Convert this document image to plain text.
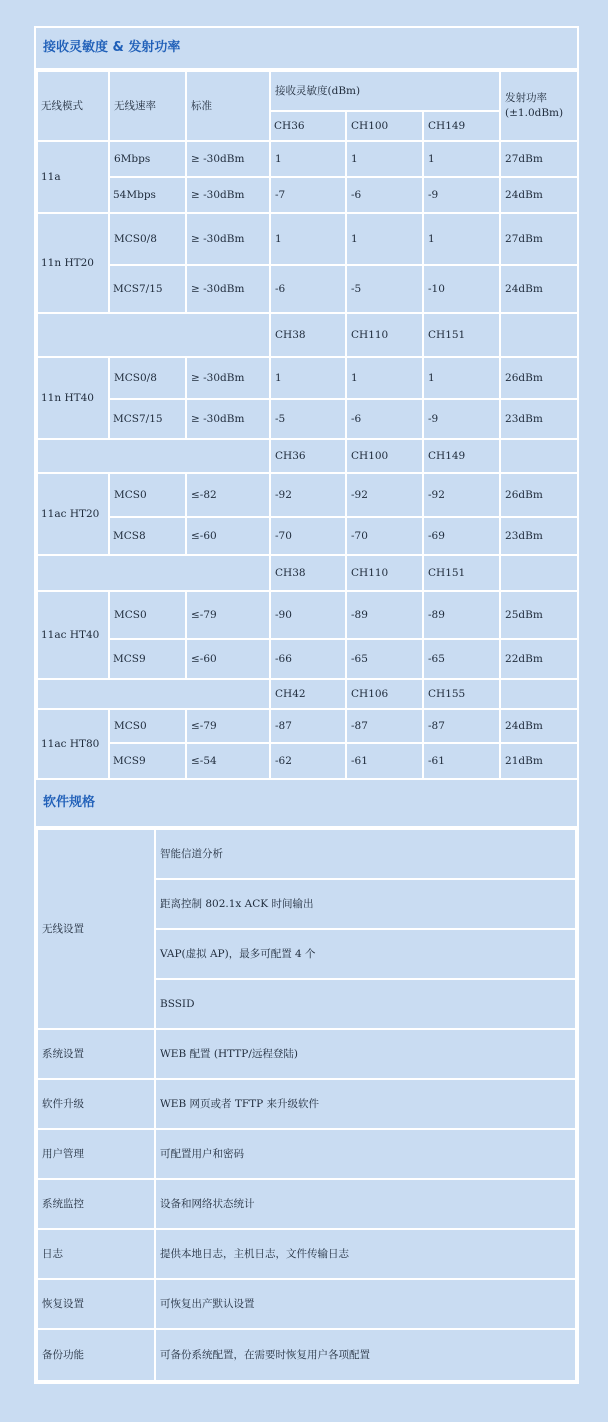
接收灵敏度 & 发射功率
无线模式	无线速率	标准	接收灵敏度(dBm)			发射功率 (±1.0dBm)
			CH36	CH100	CH149	
11a	6Mbps	≥ -30dBm	1	1	1	27dBm
	54Mbps	≥ -30dBm	-7	-6	-9	24dBm
11n HT20	MCS0/8	≥ -30dBm	1	1	1	27dBm
	MCS7/15	≥ -30dBm	-6	-5	-10	24dBm
			CH38	CH110	CH151	
11n HT40	MCS0/8	≥ -30dBm	1	1	1	26dBm
	MCS7/15	≥ -30dBm	-5	-6	-9	23dBm
			CH36	CH100	CH149	
11ac HT20	MCS0	≤-82	-92	-92	-92	26dBm
	MCS8	≤-60	-70	-70	-69	23dBm
			CH38	CH110	CH151	
11ac HT40	MCS0	≤-79	-90	-89	-89	25dBm
	MCS9	≤-60	-66	-65	-65	22dBm
			CH42	CH106	CH155	
11ac HT80	MCS0	≤-79	-87	-87	-87	24dBm
	MCS9	≤-54	-62	-61	-61	21dBm
软件规格
无线设置	智能信道分析
	距离控制 802.1x ACK 时间输出
	VAP(虚拟 AP)，最多可配置 4 个
	BSSID
系统设置	WEB 配置 (HTTP/远程登陆)
软件升级	WEB 网页或者 TFTP 来升级软件
用户管理	可配置用户和密码
系统监控	设备和网络状态统计
日志	提供本地日志，主机日志，文件传输日志
恢复设置	可恢复出产默认设置
备份功能	可备份系统配置，在需要时恢复用户各项配置
